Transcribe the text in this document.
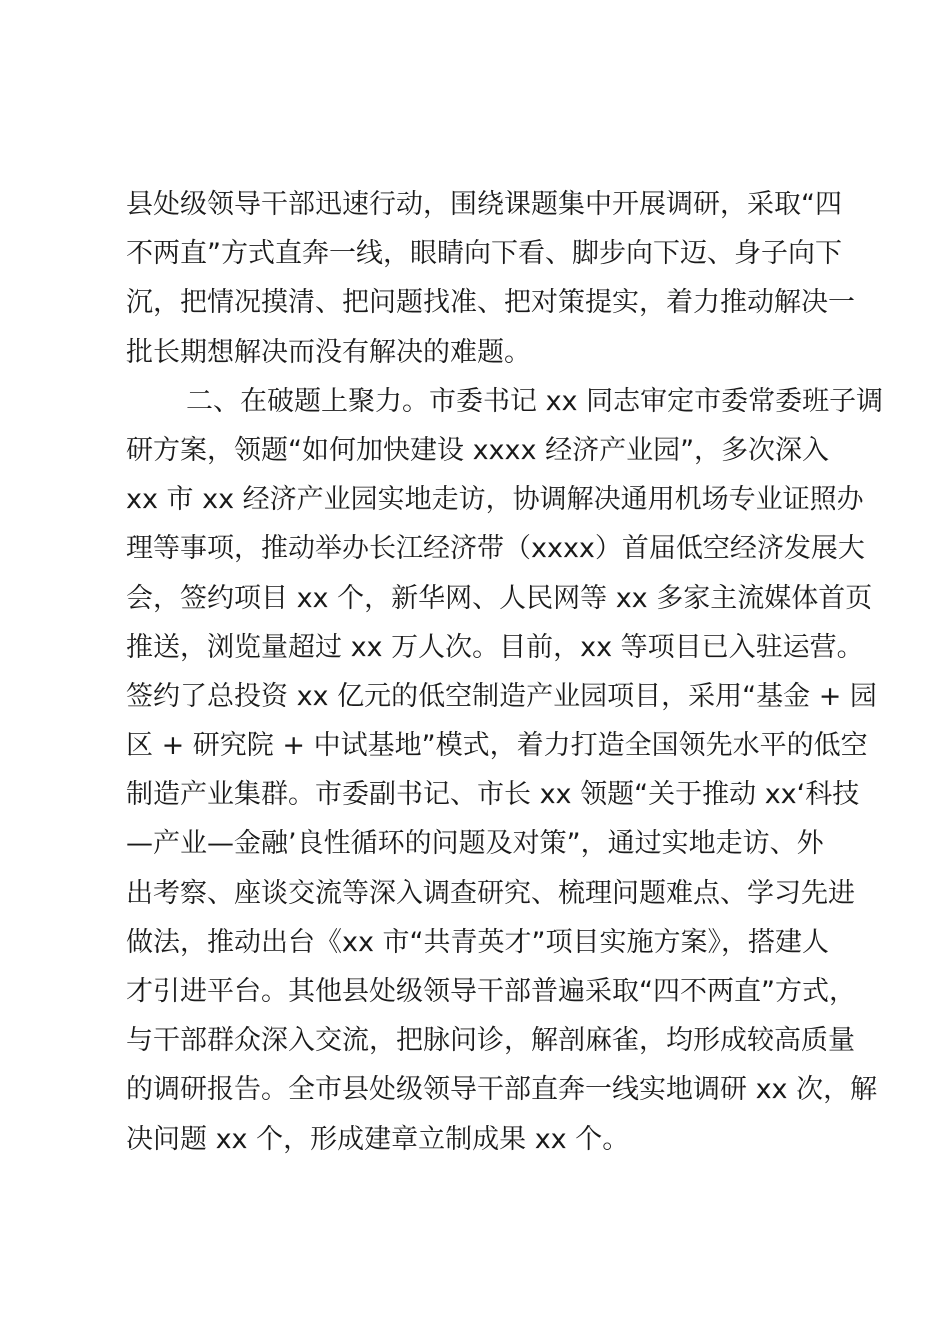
县处级领导干部迅速行动，围绕课题集中开展调研，采取“四
不两直”方式直奔一线，眼睛向下看、脚步向下迈、身子向下
沉，把情况摸清、把问题找准、把对策提实，着力推动解决一
批长期想解决而没有解决的难题。
二、在破题上聚力。市委书记 xx 同志审定市委常委班子调
研方案，领题“如何加快建设 xxxx 经济产业园”，多次深入
xx 市 xx 经济产业园实地走访，协调解决通用机场专业证照办
理等事项，推动举办长江经济带（xxxx）首届低空经济发展大
会，签约项目 xx 个，新华网、人民网等 xx 多家主流媒体首页
推送，浏览量超过 xx 万人次。目前，xx 等项目已入驻运营。
签约了总投资 xx 亿元的低空制造产业园项目，采用“基金 + 园
区 + 研究院 + 中试基地”模式，着力打造全国领先水平的低空
制造产业集群。市委副书记、市长 xx 领题“关于推动 xx‘科技
—产业—金融’良性循环的问题及对策”，通过实地走访、外
出考察、座谈交流等深入调查研究、梳理问题难点、学习先进
做法，推动出台《xx 市“共青英才”项目实施方案》，搭建人
才引进平台。其他县处级领导干部普遍采取“四不两直”方式，
与干部群众深入交流，把脉问诊，解剖麻雀，均形成较高质量
的调研报告。全市县处级领导干部直奔一线实地调研 xx 次，解
决问题 xx 个，形成建章立制成果 xx 个。
